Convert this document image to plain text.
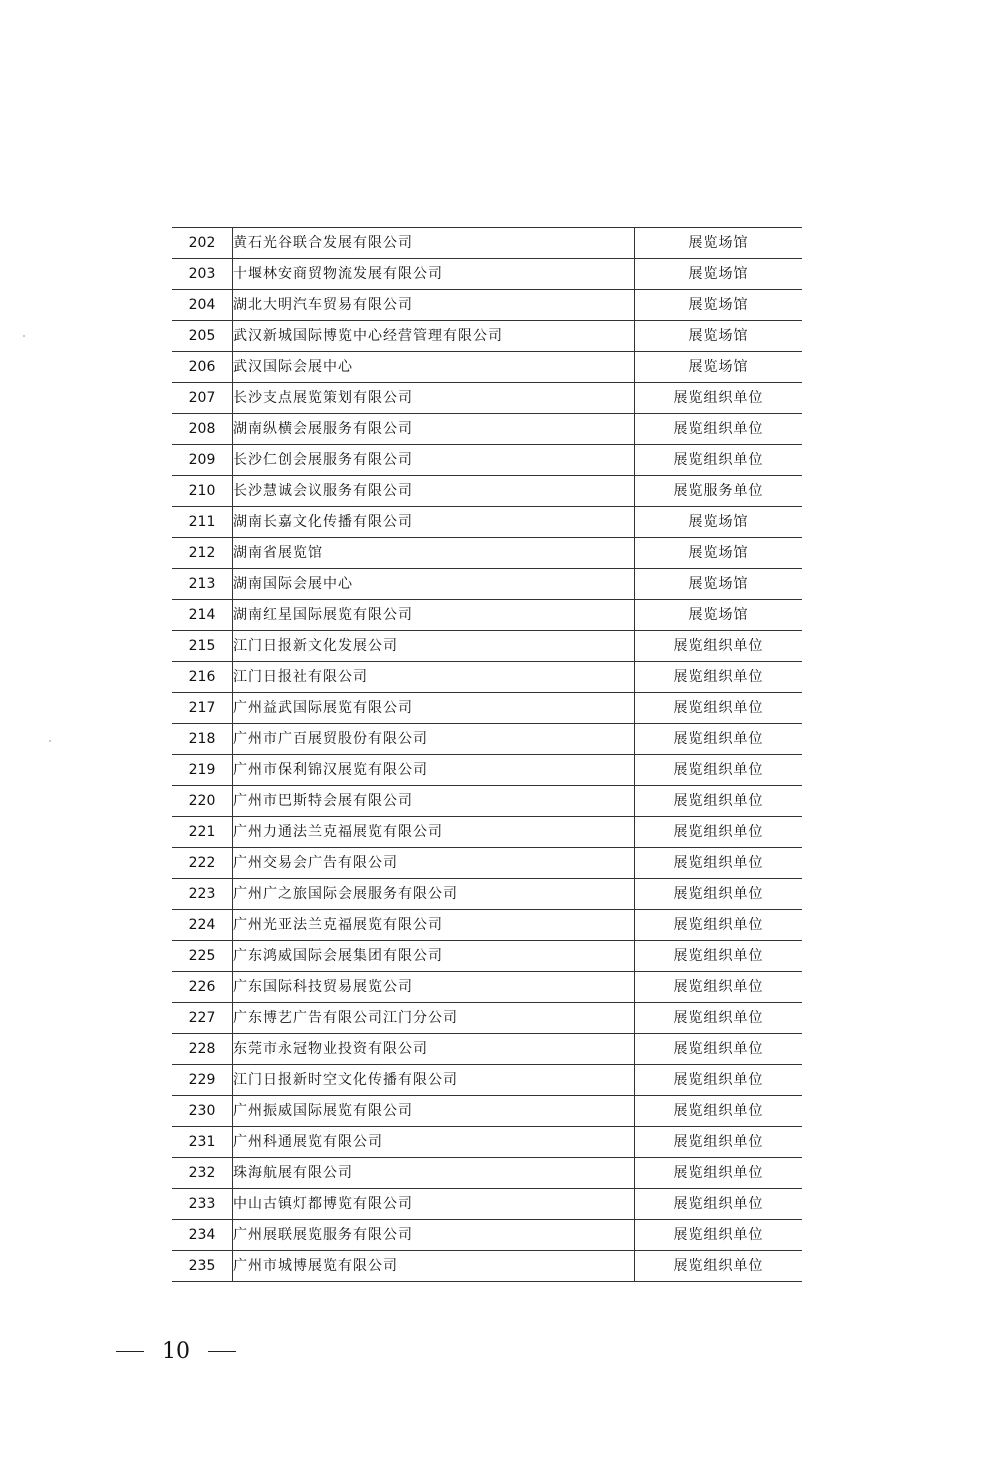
202	黄石光谷联合发展有限公司	展览场馆
203	十堰林安商贸物流发展有限公司	展览场馆
204	湖北大明汽车贸易有限公司	展览场馆
205	武汉新城国际博览中心经营管理有限公司	展览场馆
206	武汉国际会展中心	展览场馆
207	长沙支点展览策划有限公司	展览组织单位
208	湖南纵横会展服务有限公司	展览组织单位
209	长沙仁创会展服务有限公司	展览组织单位
210	长沙慧诚会议服务有限公司	展览服务单位
211	湖南长嘉文化传播有限公司	展览场馆
212	湖南省展览馆	展览场馆
213	湖南国际会展中心	展览场馆
214	湖南红星国际展览有限公司	展览场馆
215	江门日报新文化发展公司	展览组织单位
216	江门日报社有限公司	展览组织单位
217	广州益武国际展览有限公司	展览组织单位
218	广州市广百展贸股份有限公司	展览组织单位
219	广州市保利锦汉展览有限公司	展览组织单位
220	广州市巴斯特会展有限公司	展览组织单位
221	广州力通法兰克福展览有限公司	展览组织单位
222	广州交易会广告有限公司	展览组织单位
223	广州广之旅国际会展服务有限公司	展览组织单位
224	广州光亚法兰克福展览有限公司	展览组织单位
225	广东鸿威国际会展集团有限公司	展览组织单位
226	广东国际科技贸易展览公司	展览组织单位
227	广东博艺广告有限公司江门分公司	展览组织单位
228	东莞市永冠物业投资有限公司	展览组织单位
229	江门日报新时空文化传播有限公司	展览组织单位
230	广州振威国际展览有限公司	展览组织单位
231	广州科通展览有限公司	展览组织单位
232	珠海航展有限公司	展览组织单位
233	中山古镇灯都博览有限公司	展览组织单位
234	广州展联展览服务有限公司	展览组织单位
235	广州市城博展览有限公司	展览组织单位
10
